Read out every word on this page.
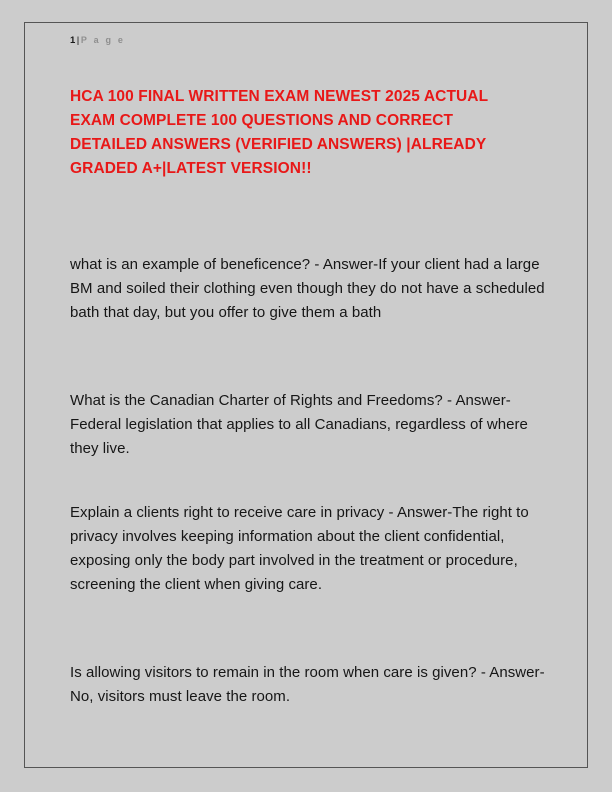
1|P a g e
HCA 100 FINAL WRITTEN EXAM NEWEST 2025 ACTUAL EXAM COMPLETE 100 QUESTIONS AND CORRECT DETAILED ANSWERS (VERIFIED ANSWERS) |ALREADY GRADED A+|LATEST VERSION!!
what is an example of beneficence? - Answer-If your client had a large BM and soiled their clothing even though they do not have a scheduled bath that day, but you offer to give them a bath
What is the Canadian Charter of Rights and Freedoms? - Answer-Federal legislation that applies to all Canadians, regardless of where they live.
Explain a clients right to receive care in privacy - Answer-The right to privacy involves keeping information about the client confidential, exposing only the body part involved in the treatment or procedure, screening the client when giving care.
Is allowing visitors to remain in the room when care is given? - Answer-No, visitors must leave the room.
